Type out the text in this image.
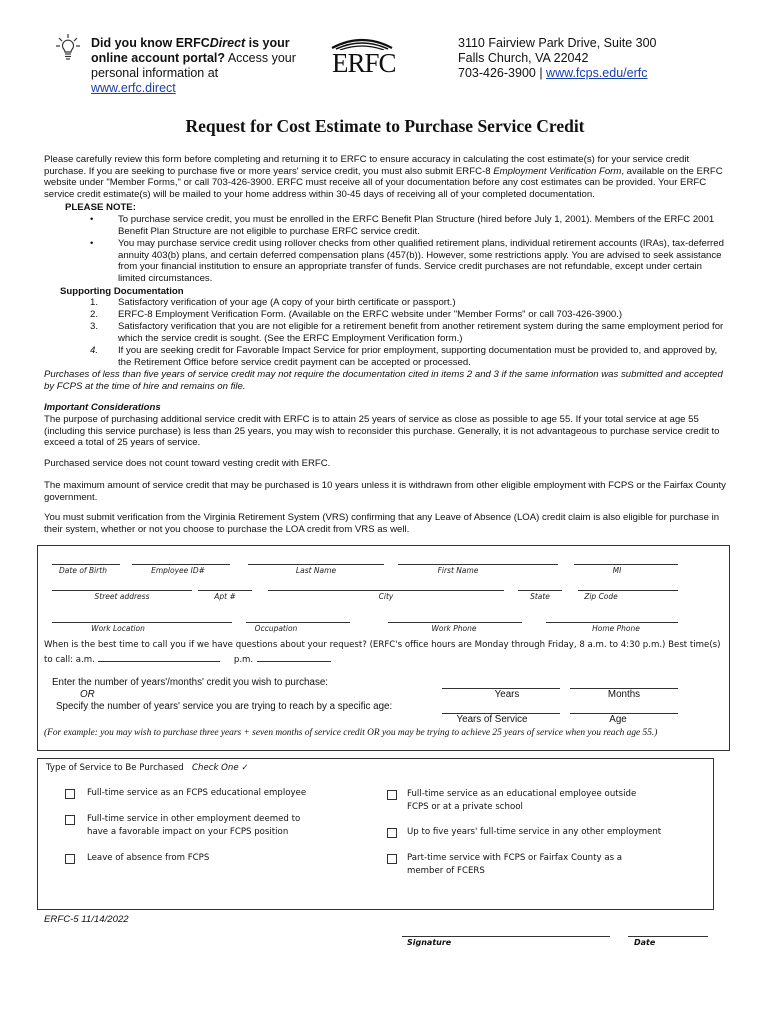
Did you know ERFCDirect is your
online account portal? Access your
personal information at
www.erfc.direct
ERFC
3110 Fairview Park Drive, Suite 300
Falls Church, VA 22042
703-426-3900 | www.fcps.edu/erfc
Request for Cost Estimate to Purchase Service Credit
Please carefully review this form before completing and returning it to ERFC to ensure accuracy in calculating the cost estimate(s) for your service credit purchase. If you are seeking to purchase five or more years' service credit, you must also submit ERFC-8 Employment Verification Form, available on the ERFC website under "Member Forms," or call 703-426-3900. ERFC must receive all of your documentation before any cost estimates can be provided. Your ERFC service credit estimate(s) will be mailed to your home address within 30-45 days of receiving all of your completed documentation.
PLEASE NOTE:
•	To purchase service credit, you must be enrolled in the ERFC Benefit Plan Structure (hired before July 1, 2001). Members of the ERFC 2001 Benefit Plan Structure are not eligible to purchase ERFC service credit.
•	You may purchase service credit using rollover checks from other qualified retirement plans, individual retirement accounts (IRAs), tax-deferred annuity 403(b) plans, and certain deferred compensation plans (457(b)). However, some restrictions apply. You are advised to seek assistance from your financial institution to ensure an appropriate transfer of funds. Service credit purchases are not refundable, except under certain limited circumstances.
Supporting Documentation
1. Satisfactory verification of your age (A copy of your birth certificate or passport.)
2. ERFC-8 Employment Verification Form. (Available on the ERFC website under "Member Forms" or call 703-426-3900.)
3. Satisfactory verification that you are not eligible for a retirement benefit from another retirement system during the same employment period for which the service credit is sought. (See the ERFC Employment Verification form.)
4. If you are seeking credit for Favorable Impact Service for prior employment, supporting documentation must be provided to, and approved by, the Retirement Office before service credit payment can be accepted or processed.
Purchases of less than five years of service credit may not require the documentation cited in items 2 and 3 if the same information was submitted and accepted by FCPS at the time of hire and remains on file.
Important Considerations
The purpose of purchasing additional service credit with ERFC is to attain 25 years of service as close as possible to age 55. If your total service at age 55 (including this service purchase) is less than 25 years, you may wish to reconsider this purchase. Generally, it is not advantageous to purchase service credit to exceed a total of 25 years of service.
Purchased service does not count toward vesting credit with ERFC.
The maximum amount of service credit that may be purchased is 10 years unless it is withdrawn from other eligible employment with FCPS or the Fairfax County government.
You must submit verification from the Virginia Retirement System (VRS) confirming that any Leave of Absence (LOA) credit claim is also eligible for purchase in their system, whether or not you choose to purchase the LOA credit from VRS as well.
Date of Birth	Employee ID#	Last Name	First Name	MI
Street address	Apt #	City	State	Zip Code
Work Location	Occupation	Work Phone	Home Phone
When is the best time to call you if we have questions about your request? (ERFC's office hours are Monday through Friday, 8 a.m. to 4:30 p.m.) Best time(s) to call: a.m.	p.m.
Enter the number of years'/months' credit you wish to purchase:
OR
Specify the number of years' service you are trying to reach by a specific age:
Years	Months
Years of Service	Age
(For example: you may wish to purchase three years + seven months of service credit OR you may be trying to achieve 25 years of service when you reach age 55.)
Type of Service to Be Purchased Check One ✓
Full-time service as an FCPS educational employee
Full-time service in other employment deemed to have a favorable impact on your FCPS position
Leave of absence from FCPS
Full-time service as an educational employee outside FCPS or at a private school
Up to five years' full-time service in any other employment
Part-time service with FCPS or Fairfax County as a member of FCERS
ERFC-5 11/14/2022
Signature	Date
